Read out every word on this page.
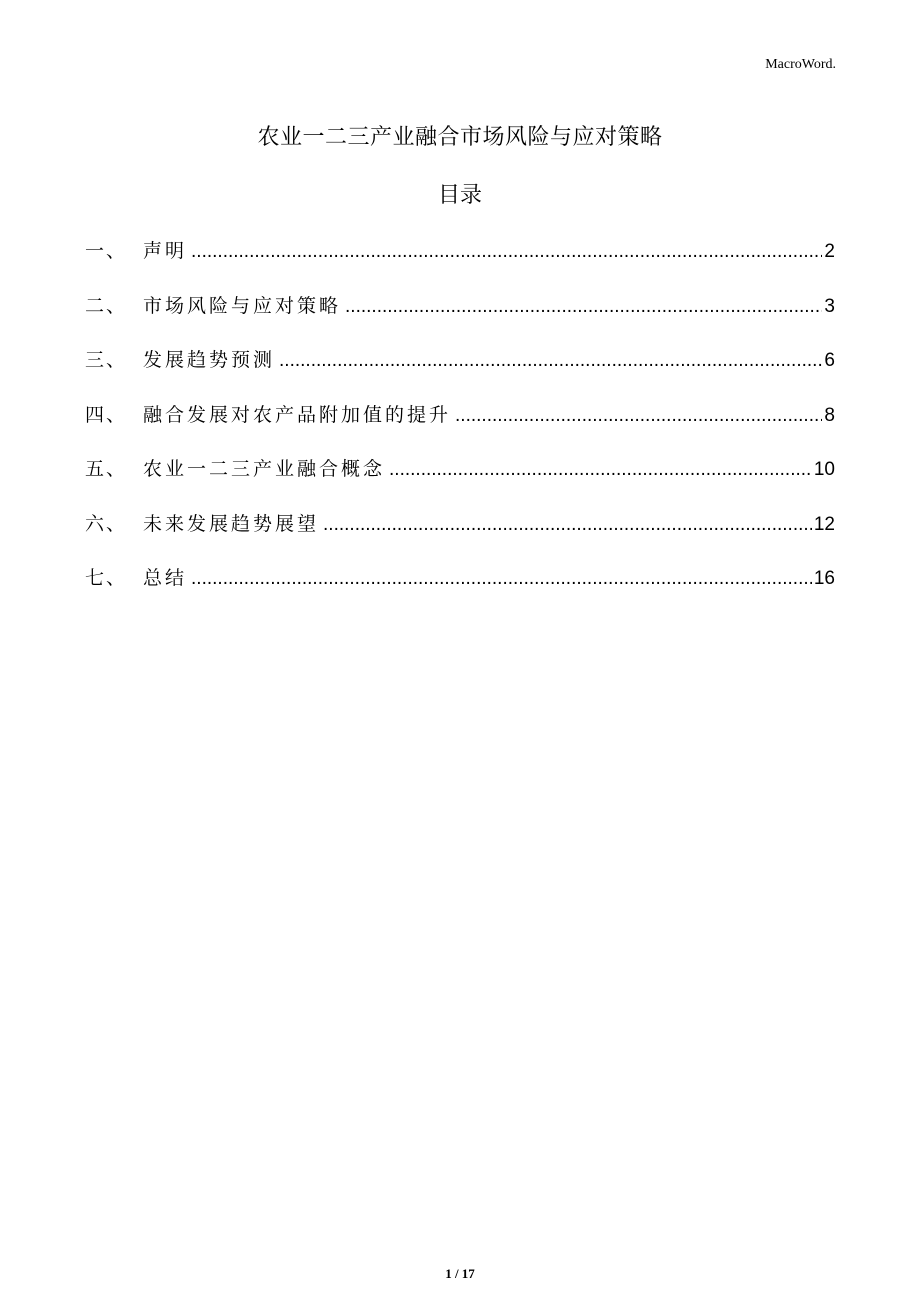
MacroWord.
农业一二三产业融合市场风险与应对策略
目录
一、 声明 .....	2
二、 市场风险与应对策略 .....	3
三、 发展趋势预测 .....	6
四、 融合发展对农产品附加值的提升 .....	8
五、 农业一二三产业融合概念 .....	10
六、 未来发展趋势展望 .....	12
七、 总结 .....	16
1 / 17
